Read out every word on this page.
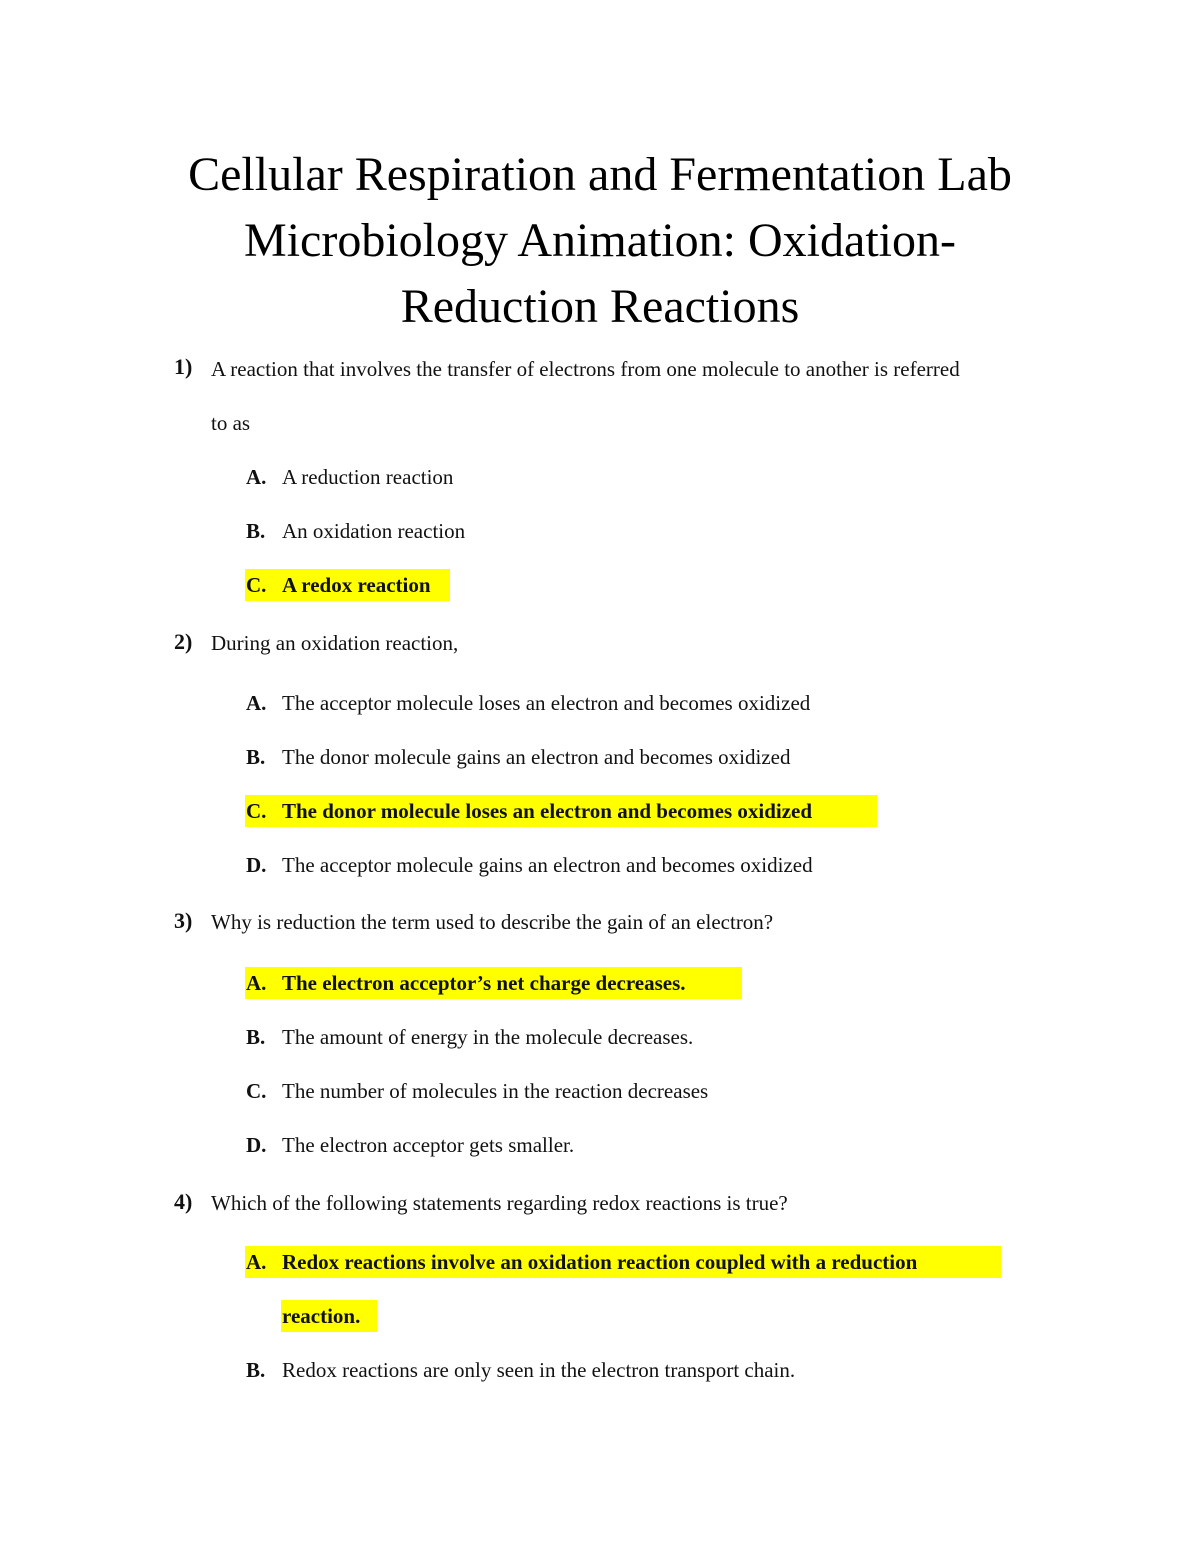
Cellular Respiration and Fermentation Lab
Microbiology Animation: Oxidation-
Reduction Reactions
1) A reaction that involves the transfer of electrons from one molecule to another is referred
to as
A. A reduction reaction
B. An oxidation reaction
C. A redox reaction
2) During an oxidation reaction,
A. The acceptor molecule loses an electron and becomes oxidized
B. The donor molecule gains an electron and becomes oxidized
C. The donor molecule loses an electron and becomes oxidized
D. The acceptor molecule gains an electron and becomes oxidized
3) Why is reduction the term used to describe the gain of an electron?
A. The electron acceptor’s net charge decreases.
B. The amount of energy in the molecule decreases.
C. The number of molecules in the reaction decreases
D. The electron acceptor gets smaller.
4) Which of the following statements regarding redox reactions is true?
A. Redox reactions involve an oxidation reaction coupled with a reduction
reaction.
B. Redox reactions are only seen in the electron transport chain.
